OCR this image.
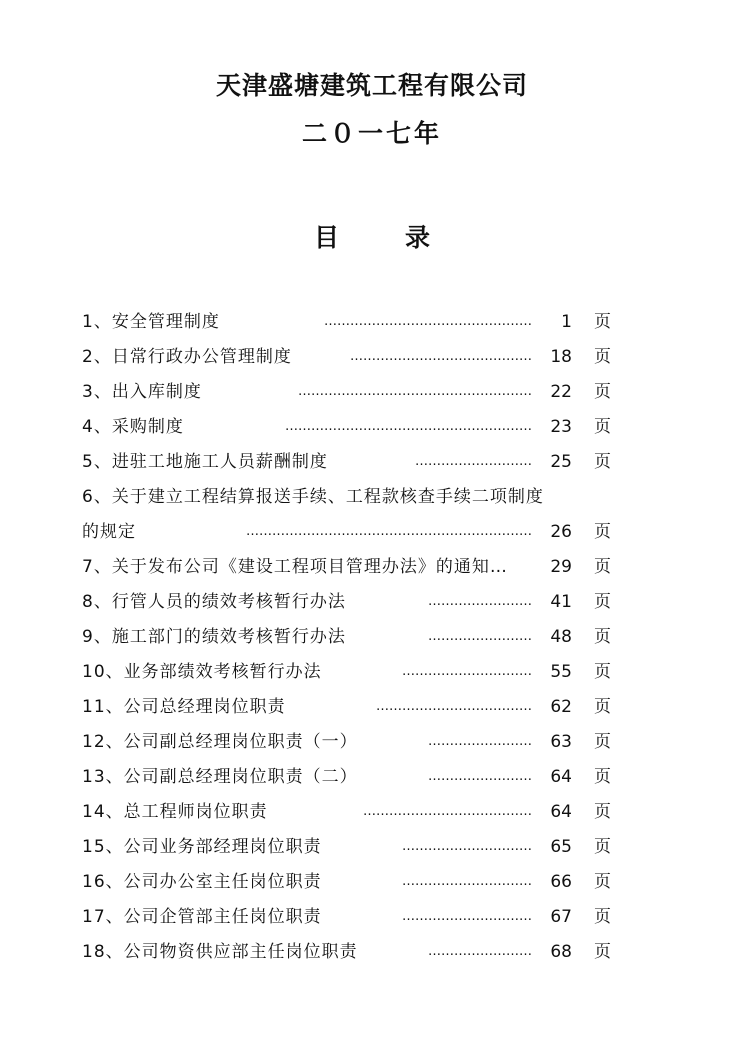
天津盛塘建筑工程有限公司
二０一七年
目录
1、安全管理制度	…………………………………………	1 页
2、日常行政办公管理制度	……………………………………	18 页
3、出入库制度	………………………………………………	22 页
4、采购制度	…………………………………………………	23 页
5、进驻工地施工人员薪酬制度	………………………	25 页
6、关于建立工程结算报送手续、工程款核查手续二项制度
的规定	…………………………………………………………	26 页
7、关于发布公司《建设工程项目管理办法》的通知…	29 页
8、行管人员的绩效考核暂行办法	……………………	41 页
9、施工部门的绩效考核暂行办法	……………………	48 页
10、业务部绩效考核暂行办法	…………………………	55 页
11、公司总经理岗位职责	………………………………	62 页
12、公司副总经理岗位职责（一）	……………………	63 页
13、公司副总经理岗位职责（二）	……………………	64 页
14、总工程师岗位职责	…………………………………	64 页
15、公司业务部经理岗位职责	…………………………	65 页
16、公司办公室主任岗位职责	…………………………	66 页
17、公司企管部主任岗位职责	…………………………	67 页
18、公司物资供应部主任岗位职责	……………………	68 页
